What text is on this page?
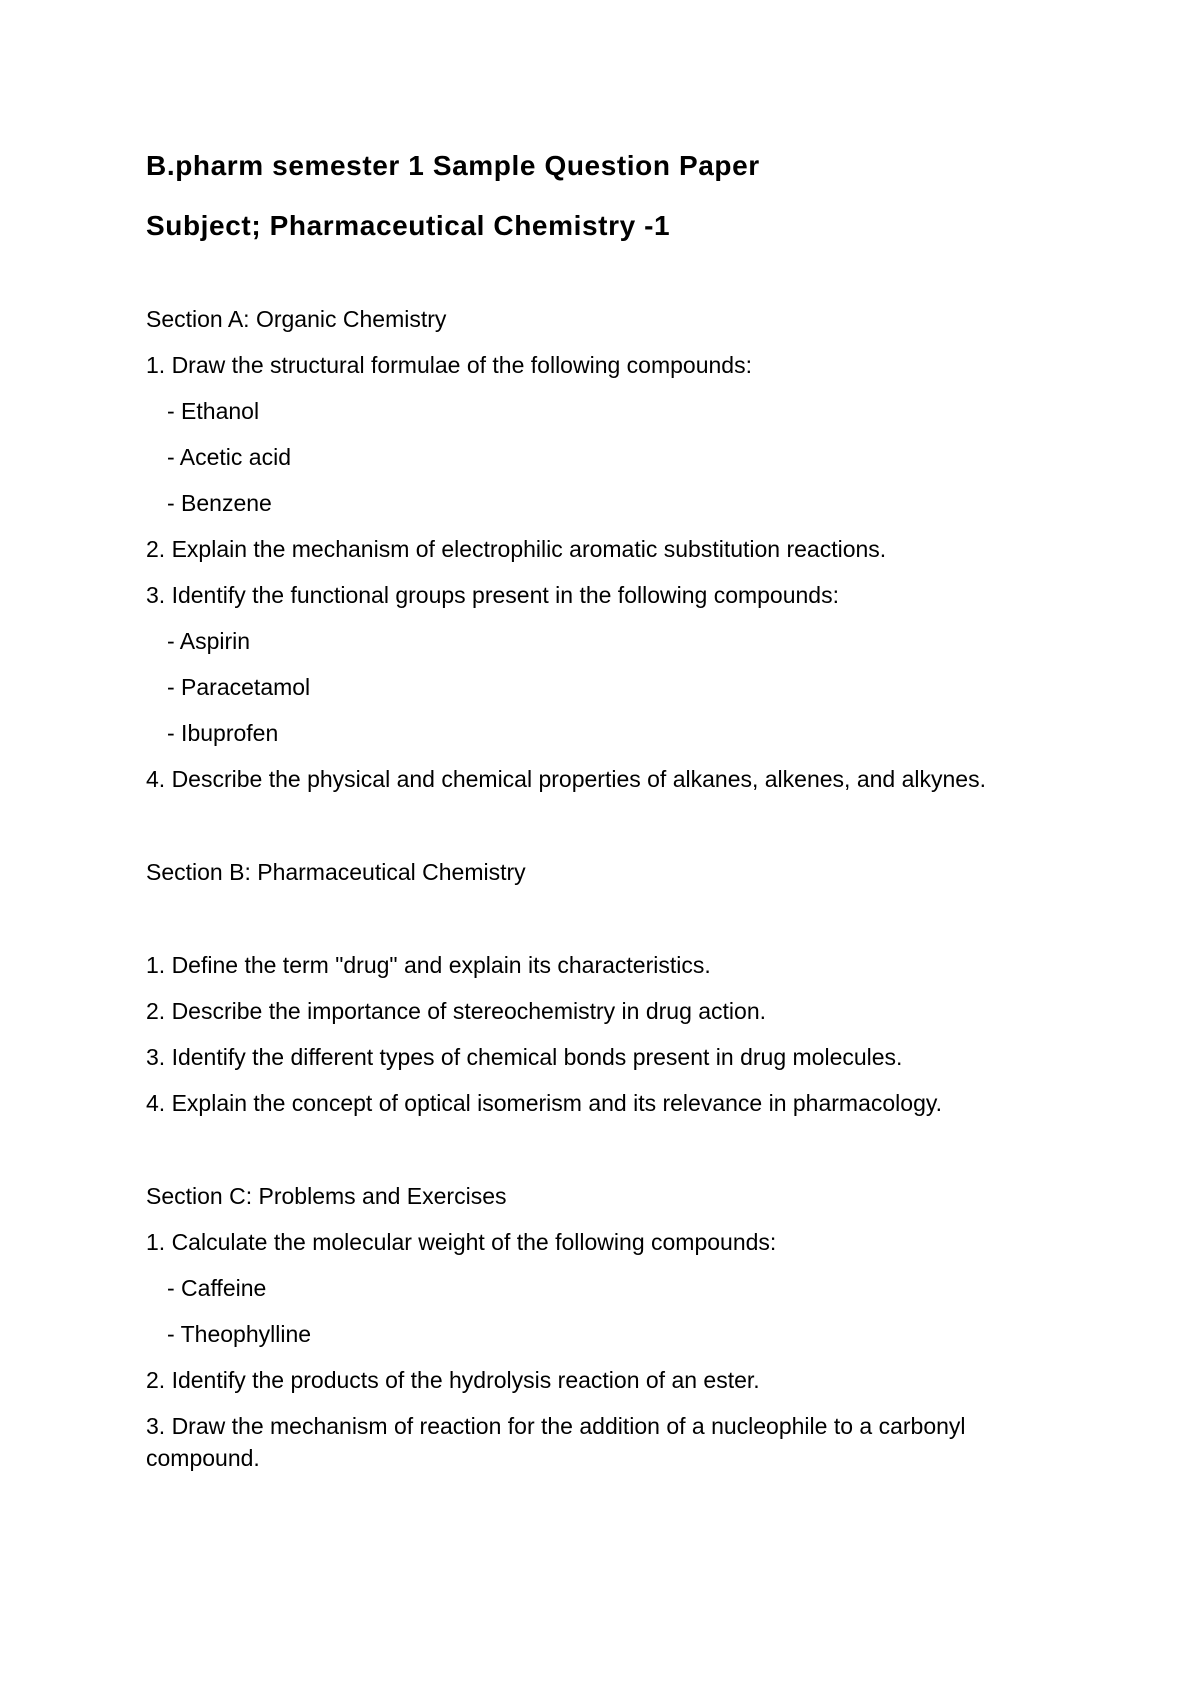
B.pharm semester 1 Sample Question Paper
Subject; Pharmaceutical Chemistry -1
Section A: Organic Chemistry
1. Draw the structural formulae of the following compounds:
- Ethanol
- Acetic acid
- Benzene
2. Explain the mechanism of electrophilic aromatic substitution reactions.
3. Identify the functional groups present in the following compounds:
- Aspirin
- Paracetamol
- Ibuprofen
4. Describe the physical and chemical properties of alkanes, alkenes, and alkynes.
Section B: Pharmaceutical Chemistry
1. Define the term "drug" and explain its characteristics.
2. Describe the importance of stereochemistry in drug action.
3. Identify the different types of chemical bonds present in drug molecules.
4. Explain the concept of optical isomerism and its relevance in pharmacology.
Section C: Problems and Exercises
1. Calculate the molecular weight of the following compounds:
- Caffeine
- Theophylline
2. Identify the products of the hydrolysis reaction of an ester.
3. Draw the mechanism of reaction for the addition of a nucleophile to a carbonyl compound.
